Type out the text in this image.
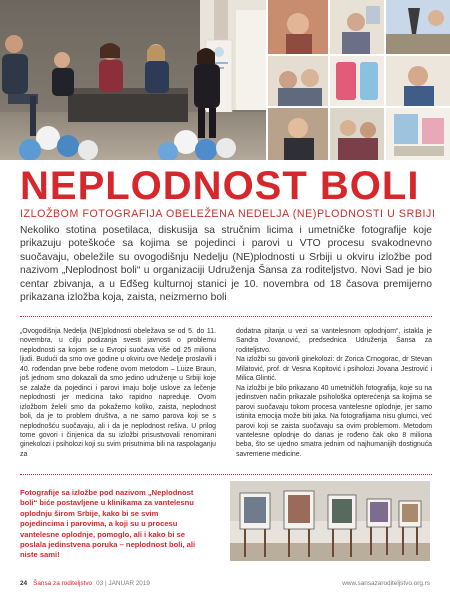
NEPLODNOST BOLI
IZLOŽBOM FOTOGRAFIJA OBELEŽENA NEDELJA (NE)PLODNOSTI U SRBIJI

Nekoliko stotina posetilaca, diskusija sa stručnim licima i umetničke fotografije koje prikazuju poteškoće sa kojima se pojedinci i parovi u VTO procesu svakodnevno suočavaju, obeležile su ovogodišnju Nedelju (NE)plodnosti u Srbiji u okviru izložbe pod nazivom „Neplodnost boli“ u organizaciji Udruženja Šansa za roditeljstvo. Novi Sad je bio centar zbivanja, a u Eđšeg kulturnoj stanici je 10. novembra od 18 časova premijerno prikazana izložba koja, zaista, neizmerno boli

„Ovogodišnja Nedelja (NE)plodnosti obeležava se od 5. do 11. novembra, u cilju podizanja svesti javnosti o problemu neplodnosti sa kojom se u Evropi suočava više od 25 miliona ljudi. Budući da smo ove godine u okviru ove Nedelje proslavili i 40. rođendan prve bebe rođene ovom metodom – Luize Braun, još jednom smo dokazali da smo jedino udruženje u Srbiji koje se zalaže da pojedinci i parovi imaju bolje uslove za lečenje neplodnosti jer medicina tako rapidno napreduje. Ovom izložbom želeli smo da pokažemo koliko, zaista, neplodnost boli, da je to problem društva, a ne samo parova koji se s neplodnošću suočavaju, ali i da je neplodnost rešiva. U prilog tome govori i činjenica da su izložbi prisustvovali renomirani ginekolozi i psiholozi koji su svim prisutnima bili na raspolaganju za

dodatna pitanja u vezi sa vantelesnom oplodnjom“, istakla je Sandra Jovanović, predsednica Udruženja Šansa za roditeljstvo.

Na izložbi su govorili ginekolozi: dr Zorica Crnogorac, dr Stevan Milatović, prof. dr Vesna Kopitović i psiholozi Jovana Jestrović i Milica Glintić.

Na izložbi je bilo prikazano 40 umetničkih fotografija, koje su na jedinstven način prikazale psihološka opterećenja sa kojima se parovi suočavaju tokom procesa vantelesne oplodnje, jer samo istinita emocija može biti jaka. Na fotografijama nisu glumci, već parovi koji se zaista suočavaju sa ovim problemom. Metodom vantelesne oplodnje do danas je rođeno čak oko 8 miliona beba, što se ujedno smatra jednim od najhumanijih dostignuća savremene medicine.

Fotografije sa izložbe pod nazivom „Neplodnost boli“ biće postavljene u klinikama za vantelesnu oplodnju širom Srbije, kako bi se svim pojedincima i parovima, a koji su u procesu vantelesne oplodnje, pomoglo, ali i kako bi se poslala jedinstvena poruka – neplodnost boli, ali niste sami!

24 Šansa za roditeljstvo 03 | JANUAR 2019	www.sansazaroditeljstvo.org.rs
